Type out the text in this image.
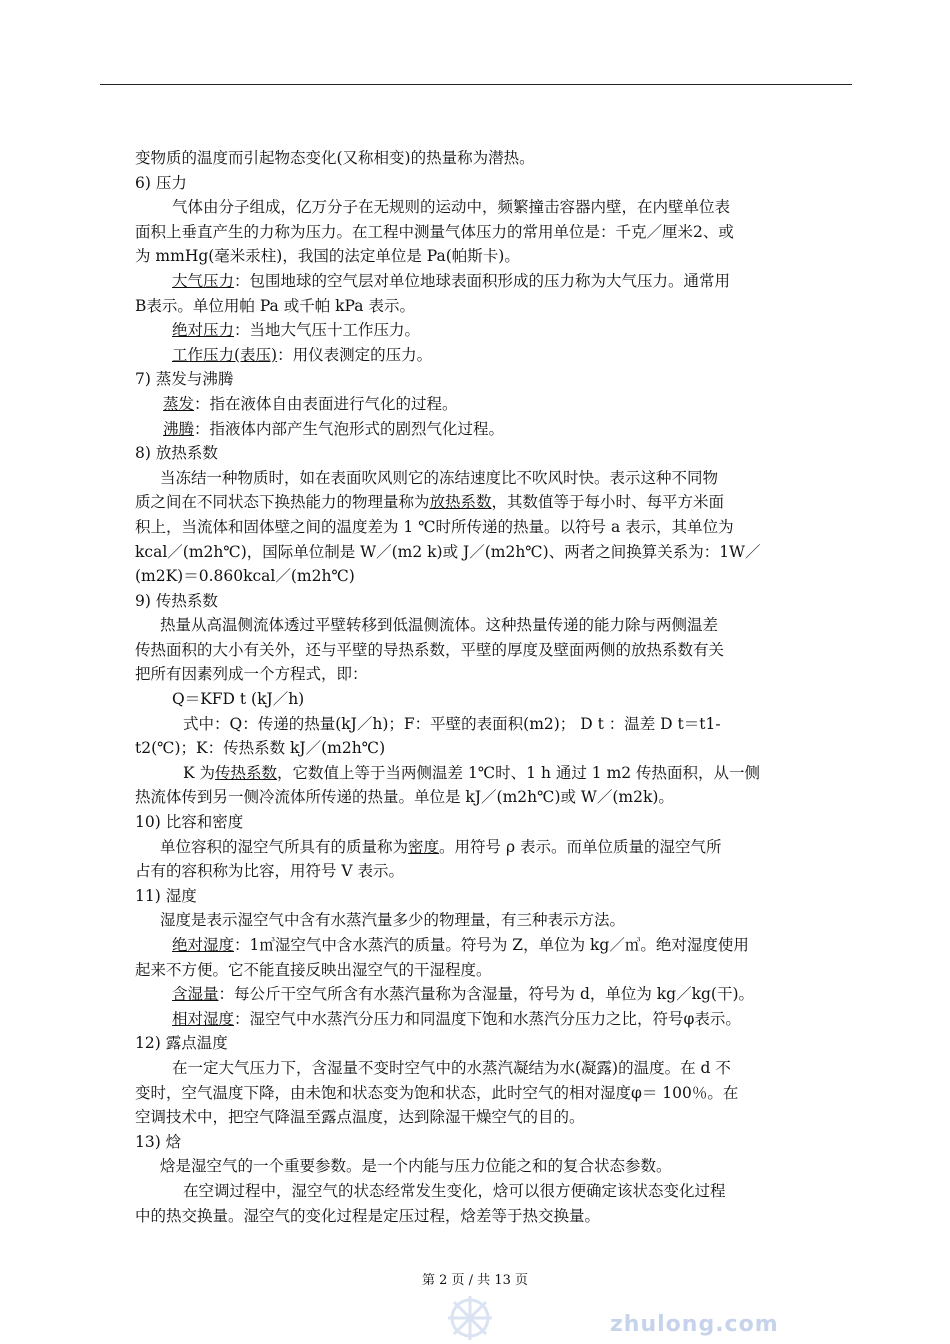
变物质的温度而引起物态变化(又称相变)的热量称为潜热。
6) 压力
气体由分子组成，亿万分子在无规则的运动中，频繁撞击容器内壁，在内壁单位表
面积上垂直产生的力称为压力。在工程中测量气体压力的常用单位是：千克／厘米2、或
为 mmHg(毫米汞柱)，我国的法定单位是 Pa(帕斯卡)。
大气压力：包围地球的空气层对单位地球表面积形成的压力称为大气压力。通常用
B表示。单位用帕 Pa 或千帕 kPa 表示。
绝对压力：当地大气压十工作压力。
工作压力(表压)：用仪表测定的压力。
7) 蒸发与沸腾
蒸发：指在液体自由表面进行气化的过程。
沸腾：指液体内部产生气泡形式的剧烈气化过程。
8) 放热系数
当冻结一种物质时，如在表面吹风则它的冻结速度比不吹风时快。表示这种不同物
质之间在不同状态下换热能力的物理量称为放热系数，其数值等于每小时、每平方米面
积上，当流体和固体壁之间的温度差为 1 ℃时所传递的热量。以符号 a 表示，其单位为
kcal／(m2h℃)，国际单位制是 W／(m2 k)或 J／(m2h℃)、两者之间换算关系为：1W／
(m2K)＝0.860kcal／(m2h℃)
9) 传热系数
热量从高温侧流体透过平壁转移到低温侧流体。这种热量传递的能力除与两侧温差
传热面积的大小有关外，还与平壁的导热系数，平壁的厚度及壁面两侧的放热系数有关
把所有因素列成一个方程式，即：
Q＝KFD t (kJ／h)
式中：Q：传递的热量(kJ／h)；F：平壁的表面积(m2)； D t ：温差 D t＝t1-
t2(℃)；K：传热系数 kJ／(m2h℃)
K 为传热系数，它数值上等于当两侧温差 1℃时、1 h 通过 1 m2 传热面积，从一侧
热流体传到另一侧冷流体所传递的热量。单位是 kJ／(m2h℃)或 W／(m2k)。
10) 比容和密度
单位容积的湿空气所具有的质量称为密度。用符号 ρ 表示。而单位质量的湿空气所
占有的容积称为比容，用符号 V 表示。
11) 湿度
湿度是表示湿空气中含有水蒸汽量多少的物理量，有三种表示方法。
绝对湿度：1㎥湿空气中含水蒸汽的质量。符号为 Z，单位为 kg／㎥。绝对湿度使用
起来不方便。它不能直接反映出湿空气的干湿程度。
含湿量：每公斤干空气所含有水蒸汽量称为含湿量，符号为 d，单位为 kg／kg(干)。
相对湿度：湿空气中水蒸汽分压力和同温度下饱和水蒸汽分压力之比，符号φ表示。
12) 露点温度
在一定大气压力下，含湿量不变时空气中的水蒸汽凝结为水(凝露)的温度。在 d 不
变时，空气温度下降，由未饱和状态变为饱和状态，此时空气的相对湿度φ＝ 100％。在
空调技术中，把空气降温至露点温度，达到除湿干燥空气的目的。
13) 焓
焓是湿空气的一个重要参数。是一个内能与压力位能之和的复合状态参数。
在空调过程中，湿空气的状态经常发生变化，焓可以很方便确定该状态变化过程
中的热交换量。湿空气的变化过程是定压过程，焓差等于热交换量。
第 2 页 / 共 13 页
zhulong.com
